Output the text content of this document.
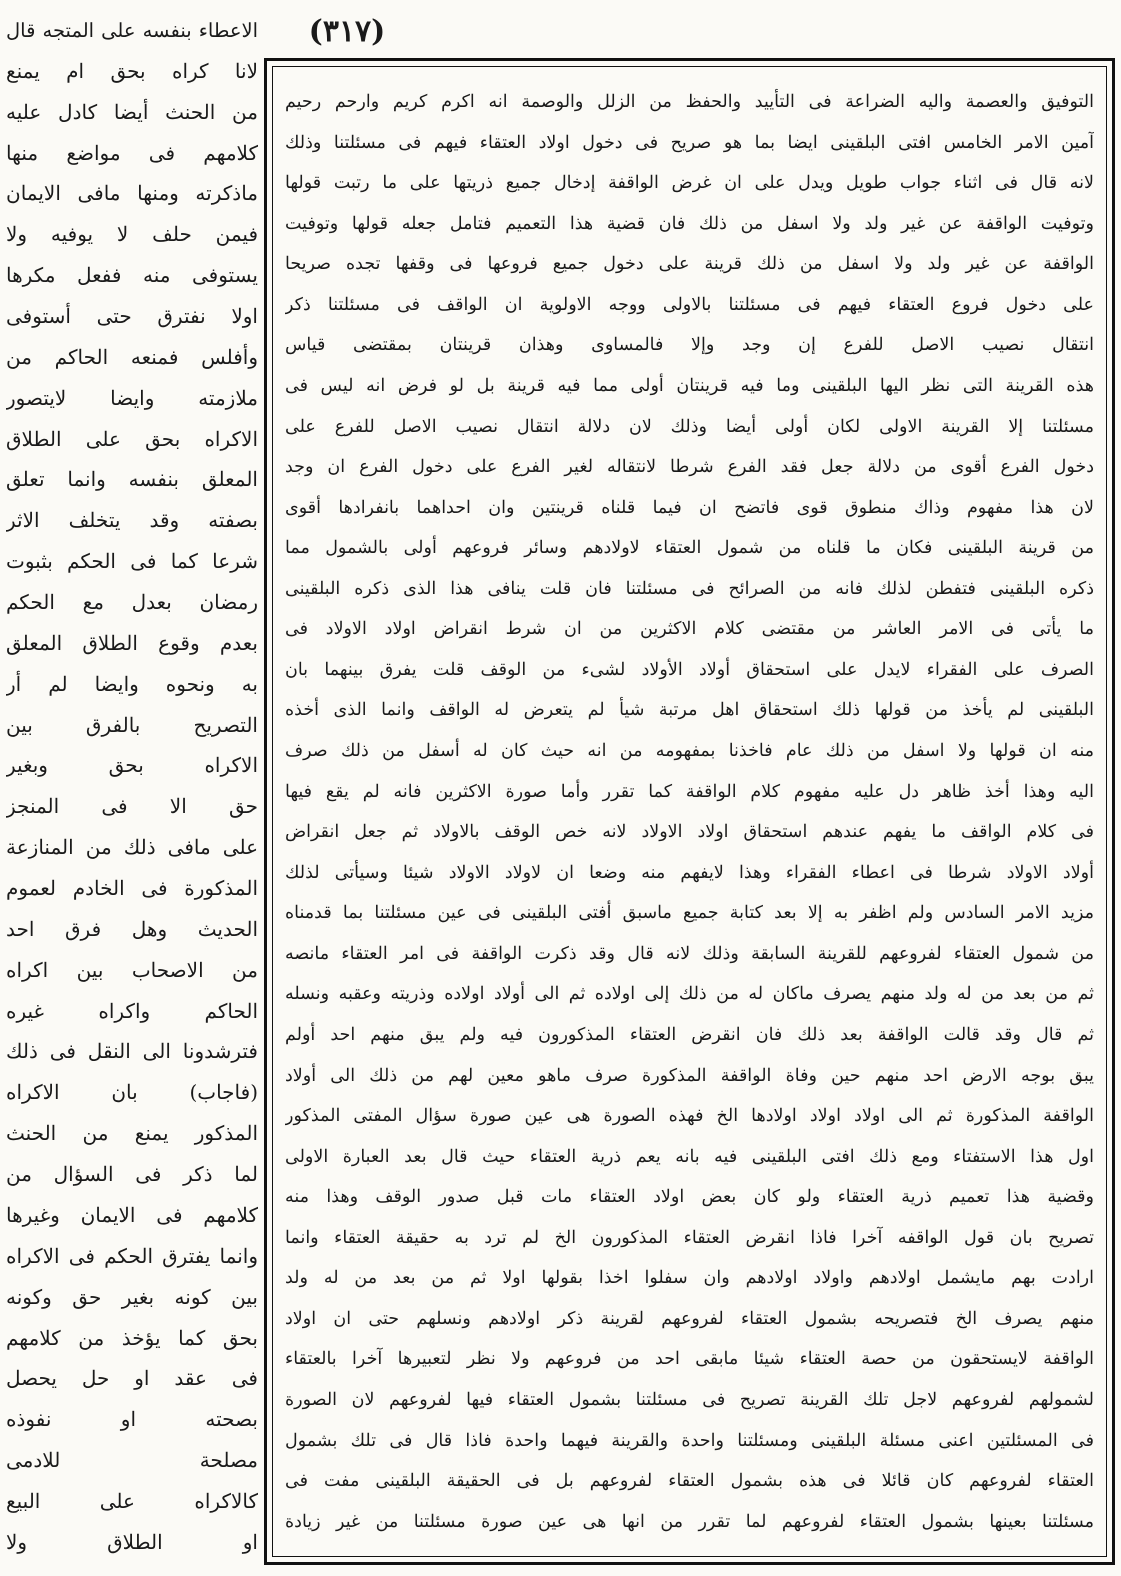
(٣١٧)
الاعطاء بنفسه على المتجه قال
لانا كراه بحق ام يمنع
من الحنث أيضا كادل عليه
كلامهم فى مواضع منها
ماذكرته ومنها مافى الايمان
فيمن حلف لا يوفيه ولا
يستوفى منه ففعل مكرها
اولا نفترق حتى أستوفى
وأفلس فمنعه الحاكم من
ملازمته وايضا لايتصور
الاكراه بحق على الطلاق
المعلق بنفسه وانما تعلق
بصفته وقد يتخلف الاثر
شرعا كما فى الحكم بثبوت
رمضان بعدل مع الحكم
بعدم وقوع الطلاق المعلق
به ونحوه وايضا لم أر
التصريح بالفرق بين
الاكراه بحق وبغير
حق الا فى المنجز
على مافى ذلك من المنازعة
المذكورة فى الخادم لعموم
الحديث وهل فرق احد
من الاصحاب بين اكراه
الحاكم واكراه غيره
فترشدونا الى النقل فى ذلك
(فاجاب) بان الاكراه
المذكور يمنع من الحنث
لما ذكر فى السؤال من
كلامهم فى الايمان وغيرها
وانما يفترق الحكم فى الاكراه
بين كونه بغير حق وكونه
بحق كما يؤخذ من كلامهم
فى عقد او حل يحصل
بصحته او نفوذه
مصلحة للادمى
كالاكراه على البيع
او الطلاق ولا
التوفيق والعصمة واليه الضراعة فى التأييد والحفظ من الزلل والوصمة انه اكرم كريم وارحم رحيم
آمين الامر الخامس افتى البلقينى ايضا بما هو صريح فى دخول اولاد العتقاء فيهم فى مسئلتنا وذلك
لانه قال فى اثناء جواب طويل ويدل على ان غرض الواقفة إدخال جميع ذريتها على ما رتبت قولها
وتوفيت الواقفة عن غير ولد ولا اسفل من ذلك فان قضية هذا التعميم فتامل جعله قولها وتوفيت
الواقفة عن غير ولد ولا اسفل من ذلك قرينة على دخول جميع فروعها فى وقفها تجده صريحا
على دخول فروع العتقاء فيهم فى مسئلتنا بالاولى ووجه الاولوية ان الواقف فى مسئلتنا ذكر
انتقال نصيب الاصل للفرع إن وجد وإلا فالمساوى وهذان قرينتان بمقتضى قياس
هذه القرينة التى نظر اليها البلقينى وما فيه قرينتان أولى مما فيه قرينة بل لو فرض انه ليس فى
مسئلتنا إلا القرينة الاولى لكان أولى أيضا وذلك لان دلالة انتقال نصيب الاصل للفرع على
دخول الفرع أقوى من دلالة جعل فقد الفرع شرطا لانتقاله لغير الفرع على دخول الفرع ان وجد
لان هذا مفهوم وذاك منطوق قوى فاتضح ان فيما قلناه قرينتين وان احداهما بانفرادها أقوى
من قرينة البلقينى فكان ما قلناه من شمول العتقاء لاولادهم وسائر فروعهم أولى بالشمول مما
ذكره البلقينى فتفطن لذلك فانه من الصرائح فى مسئلتنا فان قلت ينافى هذا الذى ذكره البلقينى
ما يأتى فى الامر العاشر من مقتضى كلام الاكثرين من ان شرط انقراض اولاد الاولاد فى
الصرف على الفقراء لايدل على استحقاق أولاد الأولاد لشىء من الوقف قلت يفرق بينهما بان
البلقينى لم يأخذ من قولها ذلك استحقاق اهل مرتبة شيأ لم يتعرض له الواقف وانما الذى أخذه
منه ان قولها ولا اسفل من ذلك عام فاخذنا بمفهومه من انه حيث كان له أسفل من ذلك صرف
اليه وهذا أخذ ظاهر دل عليه مفهوم كلام الواقفة كما تقرر وأما صورة الاكثرين فانه لم يقع فيها
فى كلام الواقف ما يفهم عندهم استحقاق اولاد الاولاد لانه خص الوقف بالاولاد ثم جعل انقراض
أولاد الاولاد شرطا فى اعطاء الفقراء وهذا لايفهم منه وضعا ان لاولاد الاولاد شيئا وسيأتى لذلك
مزيد الامر السادس ولم اظفر به إلا بعد كتابة جميع ماسبق أفتى البلقينى فى عين مسئلتنا بما قدمناه
من شمول العتقاء لفروعهم للقرينة السابقة وذلك لانه قال وقد ذكرت الواقفة فى امر العتقاء مانصه
ثم من بعد من له ولد منهم يصرف ماكان له من ذلك إلى اولاده ثم الى أولاد اولاده وذريته وعقبه ونسله
ثم قال وقد قالت الواقفة بعد ذلك فان انقرض العتقاء المذكورون فيه ولم يبق منهم احد أولم
يبق بوجه الارض احد منهم حين وفاة الواقفة المذكورة صرف ماهو معين لهم من ذلك الى أولاد
الواقفة المذكورة ثم الى اولاد اولاد اولادها الخ فهذه الصورة هى عين صورة سؤال المفتى المذكور
اول هذا الاستفتاء ومع ذلك افتى البلقينى فيه بانه يعم ذرية العتقاء حيث قال بعد العبارة الاولى
وقضية هذا تعميم ذرية العتقاء ولو كان بعض اولاد العتقاء مات قبل صدور الوقف وهذا منه
تصريح بان قول الواقفه آخرا فاذا انقرض العتقاء المذكورون الخ لم ترد به حقيقة العتقاء وانما
ارادت بهم مايشمل اولادهم واولاد اولادهم وان سفلوا اخذا بقولها اولا ثم من بعد من له ولد
منهم يصرف الخ فتصريحه بشمول العتقاء لفروعهم لقرينة ذكر اولادهم ونسلهم حتى ان اولاد
الواقفة لايستحقون من حصة العتقاء شيئا مابقى احد من فروعهم ولا نظر لتعبيرها آخرا بالعتقاء
لشمولهم لفروعهم لاجل تلك القرينة تصريح فى مسئلتنا بشمول العتقاء فيها لفروعهم لان الصورة
فى المسئلتين اعنى مسئلة البلقينى ومسئلتنا واحدة والقرينة فيهما واحدة فاذا قال فى تلك بشمول
العتقاء لفروعهم كان قائلا فى هذه بشمول العتقاء لفروعهم بل فى الحقيقة البلقينى مفت فى
مسئلتنا بعينها بشمول العتقاء لفروعهم لما تقرر من انها هى عين صورة مسئلتنا من غير زيادة
